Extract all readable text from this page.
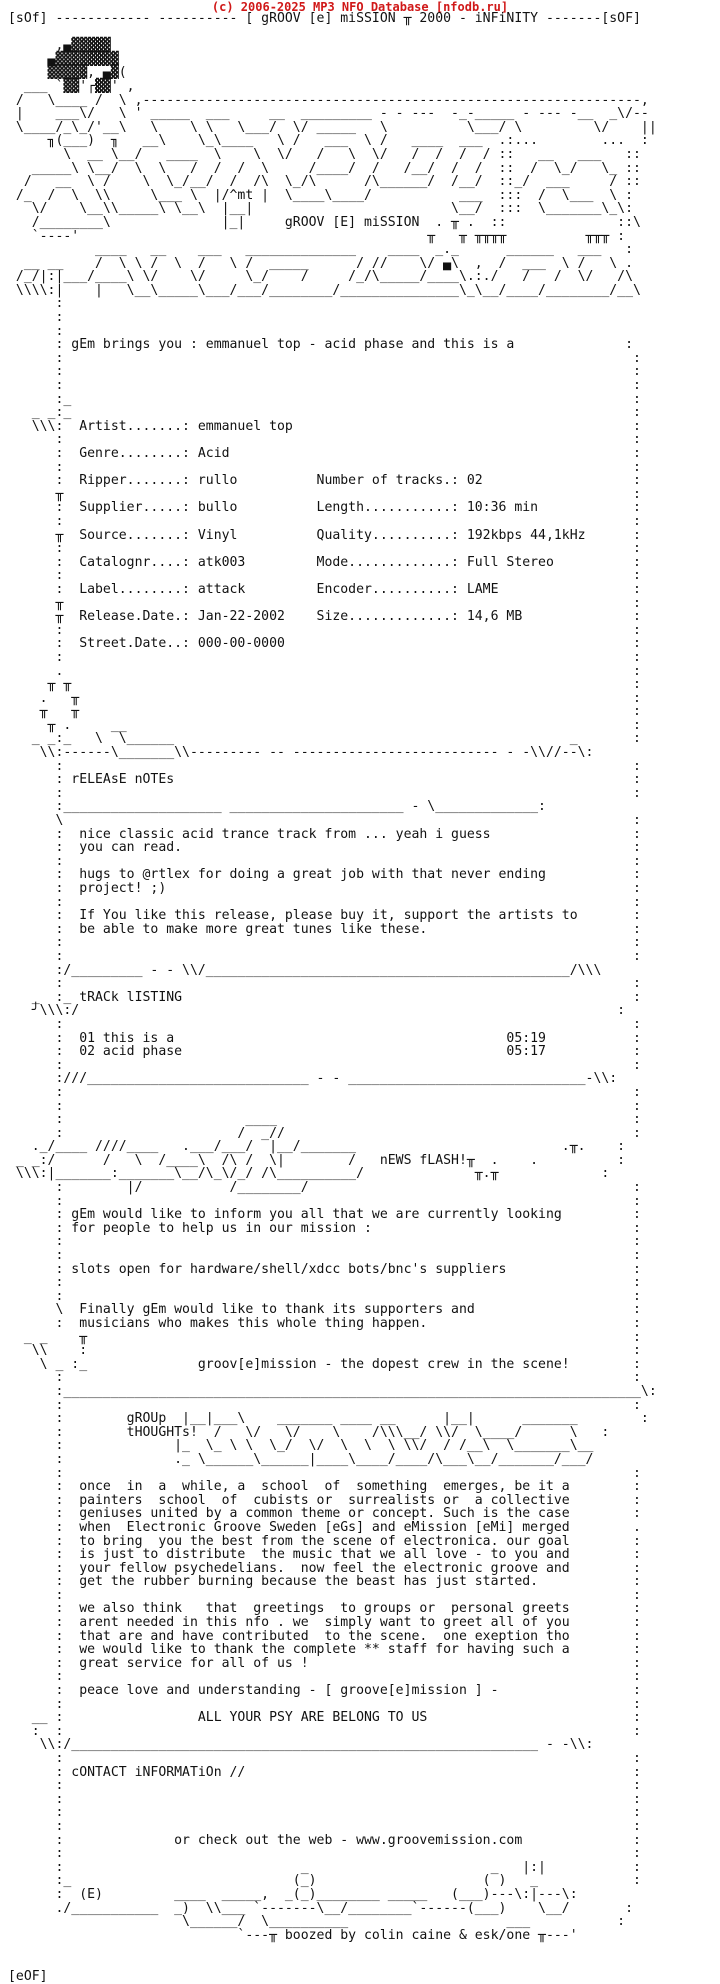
(c) 2006-2025 MP3 NFO Database [nfodb.ru]
[sOf] ------------ ---------- [ gROOV [e] miSSION ╥ 2000 - iNFiNITY -------[sOF]
,▄▓▓▓▓▓
▄▓▓▓▓▓▓▓▓
▓▓▓▓▓, ▄▓(
___ `▓▓'┌▓▓' ,
/   \____ /  \ ,---------------------------------------------------------------,
|    ___\/   \ ' _____  ___     __  _________ - - ---  -_-_____ - --- -__  _\/--
\____/_\_/'__\   \    \ \   \___/  \/ _____   \          \___/ \         \/    ||
╖(___)  ╖   __\    \_\____   \ /   ___  \ /   ____  ___  .:...        ...  :
\  __ \__/   ____  \    \  \/   /   \  \/   /  /  /  / ::   __   ___   ::
_____\ \__/  \  \   /  /  /  \     /____/  /   /__/  /  /  ::  /  \_/   \_ ::
/   __  \ /    \  \_/__/  /  /\  \_/\      /\______/  /__/  ::_/  ___     / ::
/_  /  \  \\     \___ \  |/^mt |  \____\____/           ___  :::  /  \___  \ :
\/    \__\\_____\ \__\  |__|                         \__/  :::  \_______\_\:
/________\              |_|     gROOV [E] miSSION  . ╥ .  ::              ::\
`----'                                            ╥   ╥ ╥╥╥╥          ╥╥╥ :
____   __    ___   ______________    ____  _._      ______   ___   :
__ __    /  \ \ /  \  /   \ /  _____      / //    \/ ▄\  ,  /  ___  \ /   \ .
/_/|:|___/____\ \/    \/     \_/    /     /_/\_____/____\.:./   /   /  \/   /\
\\\\:|    |   \__\_____\___/___/________/_______________\_\__/____/________/__\
:
:
:
: gEm brings you : emmanuel top - acid phase and this is a              :
:                                                                        :
:                                                                        :
:                                                                        :
:_                                                                       :
_ _:_                                                                       :
\\\:  Artist.......: emmanuel top                                           :
:                                                                        :
:  Genre........: Acid                                                   :
:                                                                        :
:  Ripper.......: rullo          Number of tracks.: 02                   :
╥                                                                        :
:  Supplier.....: bullo          Length...........: 10:36 min            :
:                                                                        :
╥  Source.......: Vinyl          Quality..........: 192kbps 44,1kHz      :
:                                                                        :
:  Catalognr....: atk003         Mode.............: Full Stereo          :
:                                                                        :
:  Label........: attack         Encoder..........: LAME                 :
╥                                                                        :
╥  Release.Date.: Jan-22-2002    Size.............: 14,6 MB              :
:                                                                        :
:  Street.Date..: 000-00-0000                                            :
:                                                                        :
.                                                                        :
╥ ╥                                                                       :
.   ╥                                                                      :
╥   ╥                                                                      :
╥ .     __                                                                :
_ _:_   \  \______                                                  _       :
\\:------\_______\\--------- -- -------------------------- - -\\//--\:
:                                                                        :
: rELEAsE nOTEs                                                          :
:                                                                        :
:____________________ ______________________ - \_____________:
\                                                                        :
:  nice classic acid trance track from ... yeah i guess                  :
:  you can read.                                                         :
:                                                                        :
:  hugs to @rtlex for doing a great job with that never ending           :
:  project! ;)                                                           :
:                                                                        :
:  If You like this release, please buy it, support the artists to       :
:  be able to make more great tunes like these.                          :
:                                                                        :
:                                                                        :
:/_________ - - \\/______________________________________________/\\\
:                                                                        :
_  :_ tRACk lISTING                                                         :
╯\\\:/                                                                    :
:                                                                        :
:  01 this is a                                          05:19           :
:  02 acid phase                                         05:17           :
:                                                                        :
:///____________________________ - - ______________________________-\\:
:                                                                        :
:                                                                        :
:                       ____                                             :
:                      /  _//                                            :
._/____ ////____   .___/___/  |__/_______                          .╥.    :
_ _:/      /   \  /____\  /\ /  \|        /   nEWS fLASH!╥  .    .          :
\\\:|_______:_______\__/\_\/_/ /\__________/              ╥.╥             :
:        |/           /________/                                         :
:                                                                        :
: gEm would like to inform you all that we are currently looking         :
: for people to help us in our mission :                                 :
:                                                                        :
:                                                                        :
: slots open for hardware/shell/xdcc bots/bnc's suppliers                :
:                                                                        :
:                                                                        :
\  Finally gEm would like to thank its supporters and                    :
:  musicians who makes this whole thing happen.                          :
_ _    ╥                                                                     :
\\    :                                                                     :
\ _ :_              groov[e]mission - the dopest crew in the scene!        :
:                                                                        :
:_________________________________________________________________________\:
:                                                                        :
:        gROUp  |__|___\    _______ ____ __      |__|      _______        :
:        tHOUGHTs!  /   \/   \/    \    /\\\__/ \\/  \____/      \   :
:              |_  \_ \ \  \_/  \/  \  \  \ \\/  / /__\  \_______\__
:              ._ \______\______|____\____/____/\___\__/_______/___/
:                                                                        :
:  once  in  a  while, a  school  of  something  emerges, be it a        :
:  painters  school  of  cubists or  surrealists or  a collective        :
:  geniuses united by a common theme or concept. Such is the case        :
:  when  Electronic Groove Sweden [eGs] and eMission [eMi] merged        .
:  to bring  you the best from the scene of electronica. our goal        :
:  is just to distribute  the music that we all love - to you and        :
:  your fellow psychedelians.  now feel the electronic groove and        :
:  get the rubber burning because the beast has just started.            :
:                                                                        :
:  we also think   that  greetings  to groups or  personal greets        :
:  arent needed in this nfo . we  simply want to greet all of you        :
:  that are and have contributed  to the scene.  one exeption tho        :
:  we would like to thank the complete ** staff for having such a        :
:  great service for all of us !                                         :
:                                                                        :
:  peace love and understanding - [ groove[e]mission ] -                 :
:                                                                        :
__ :                 ALL YOUR PSY ARE BELONG TO US                          :
:  :                                                                        :
\\:/___________________________________________________________ - -\\:
:                                                                        :
: cONTACT iNFORMATiOn //                                                 :
:                                                                        :
:                                                                        :
:                                                                        :
:                                                                        :
:              or check out the web - www.groovemission.com              :
:                                                                        :
:                              _                       _   |:|           :
:_                            (_)                     ( )   _            :
:  (E)         ____  _____,  _(_)________ _____   (___)---\:|---\:
./___________  _)  \\___ `-------\__/________`------(___)    \__/       :
\______/  \__________                    ___           :
`---╥ boozed by colin caine & esk/one ╥---'
[eOF]
